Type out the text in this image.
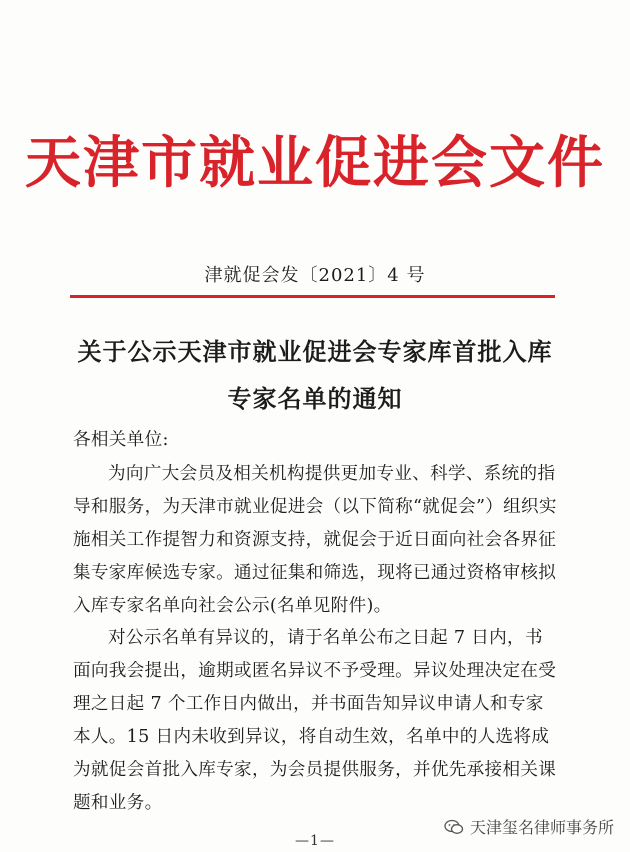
天津市就业促进会文件
津就促会发〔2021〕4 号
关于公示天津市就业促进会专家库首批入库
专家名单的通知
各相关单位:
为向广大会员及相关机构提供更加专业、科学、系统的指导和服务，为天津市就业促进会（以下简称“就促会”）组织实施相关工作提智力和资源支持，就促会于近日面向社会各界征集专家库候选专家。通过征集和筛选，现将已通过资格审核拟入库专家名单向社会公示(名单见附件)。
对公示名单有异议的，请于名单公布之日起 7 日内，书面向我会提出，逾期或匿名异议不予受理。异议处理决定在受理之日起 7 个工作日内做出，并书面告知异议申请人和专家本人。15 日内未收到异议，将自动生效，名单中的人选将成为就促会首批入库专家，为会员提供服务，并优先承接相关课题和业务。
天津玺名律师事务所
—1—
